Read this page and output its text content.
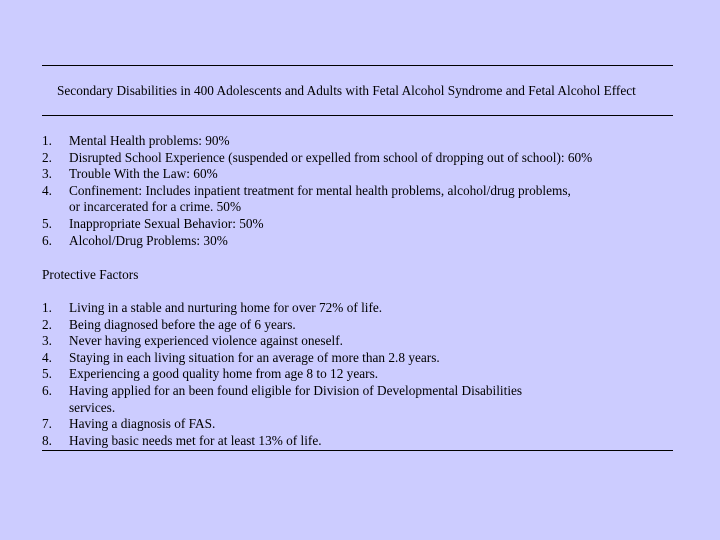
Secondary Disabilities in 400 Adolescents and Adults with Fetal Alcohol Syndrome and Fetal Alcohol Effect
1. Mental Health problems: 90%
2. Disrupted School Experience (suspended or expelled from school of dropping out of school): 60%
3. Trouble With the Law: 60%
4. Confinement: Includes inpatient treatment for mental health problems, alcohol/drug problems,
or incarcerated for a crime. 50%
5. Inappropriate Sexual Behavior: 50%
6. Alcohol/Drug Problems: 30%
Protective Factors
1. Living in a stable and nurturing home for over 72% of life.
2. Being diagnosed before the age of 6 years.
3. Never having experienced violence against oneself.
4. Staying in each living situation for an average of more than 2.8 years.
5. Experiencing a good quality home from age 8 to 12 years.
6. Having applied for an been found eligible for Division of Developmental Disabilities
services.
7. Having a diagnosis of FAS.
8. Having basic needs met for at least 13% of life.
